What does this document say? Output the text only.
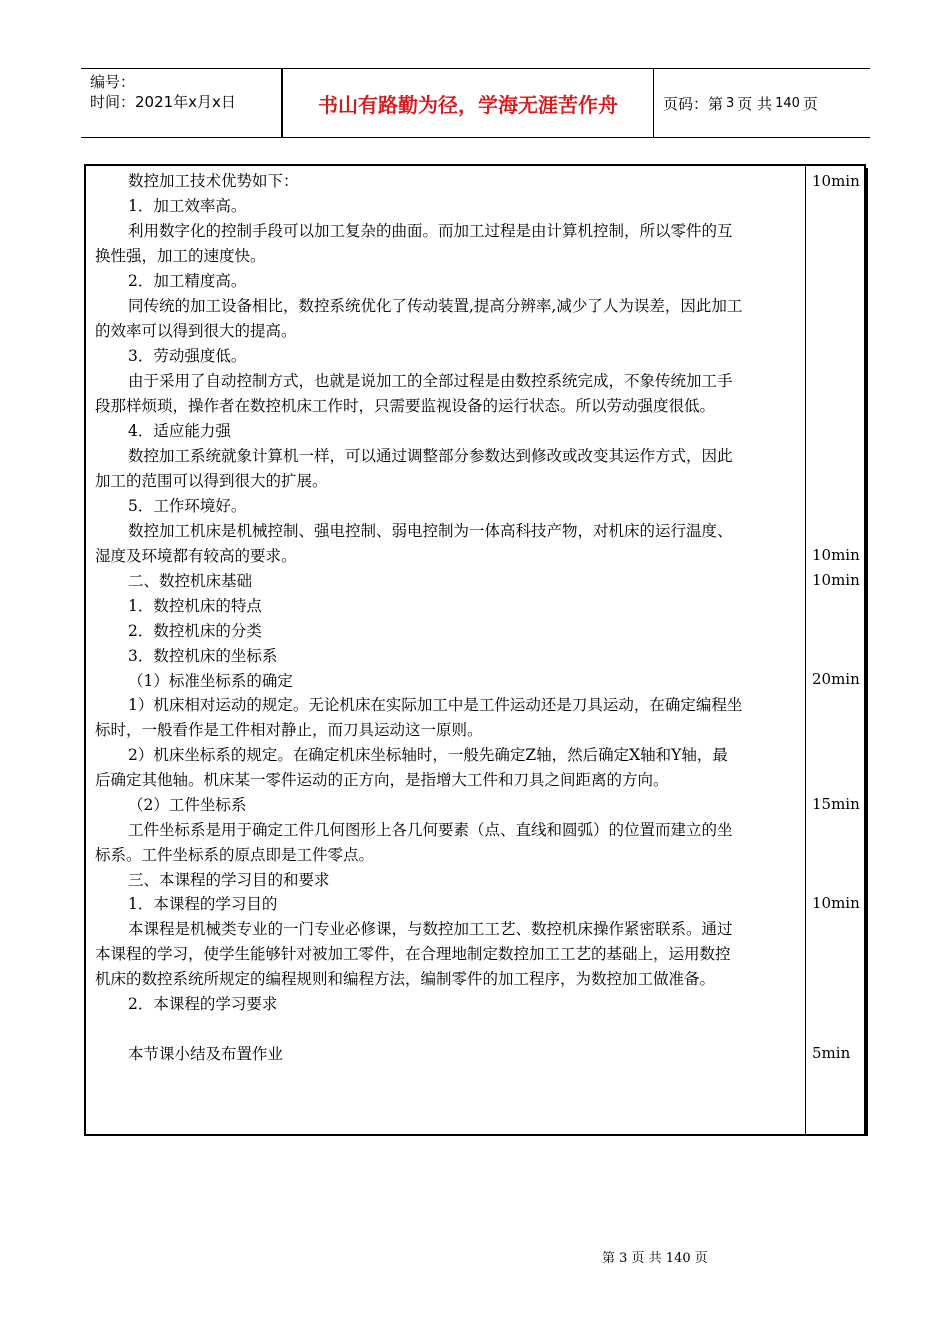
编号：
时间：2021年x月x日	书山有路勤为径，学海无涯苦作舟	页码：第 3 页 共 140 页
数控加工技术优势如下：
1．加工效率高。
利用数字化的控制手段可以加工复杂的曲面。而加工过程是由计算机控制，所以零件的互
换性强，加工的速度快。
2．加工精度高。
同传统的加工设备相比，数控系统优化了传动装置,提高分辨率,减少了人为误差，因此加工
的效率可以得到很大的提高。
3．劳动强度低。
由于采用了自动控制方式，也就是说加工的全部过程是由数控系统完成，不象传统加工手
段那样烦琐，操作者在数控机床工作时，只需要监视设备的运行状态。所以劳动强度很低。
4．适应能力强
数控加工系统就象计算机一样，可以通过调整部分参数达到修改或改变其运作方式，因此
加工的范围可以得到很大的扩展。
5．工作环境好。
数控加工机床是机械控制、强电控制、弱电控制为一体高科技产物，对机床的运行温度、
湿度及环境都有较高的要求。
二、数控机床基础
1．数控机床的特点
2．数控机床的分类
3．数控机床的坐标系
（1）标准坐标系的确定
1）机床相对运动的规定。无论机床在实际加工中是工件运动还是刀具运动，在确定编程坐
标时，一般看作是工件相对静止，而刀具运动这一原则。
2）机床坐标系的规定。在确定机床坐标轴时，一般先确定Z轴，然后确定X轴和Y轴，最
后确定其他轴。机床某一零件运动的正方向，是指增大工件和刀具之间距离的方向。
（2）工件坐标系
工件坐标系是用于确定工件几何图形上各几何要素（点、直线和圆弧）的位置而建立的坐
标系。工件坐标系的原点即是工件零点。
三、本课程的学习目的和要求
1．本课程的学习目的
本课程是机械类专业的一门专业必修课，与数控加工工艺、数控机床操作紧密联系。通过
本课程的学习，使学生能够针对被加工零件，在合理地制定数控加工工艺的基础上，运用数控
机床的数控系统所规定的编程规则和编程方法，编制零件的加工程序，为数控加工做准备。
2．本课程的学习要求
本节课小结及布置作业
10min
10min
10min
20min
15min
10min
5min
第 3 页 共 140 页
